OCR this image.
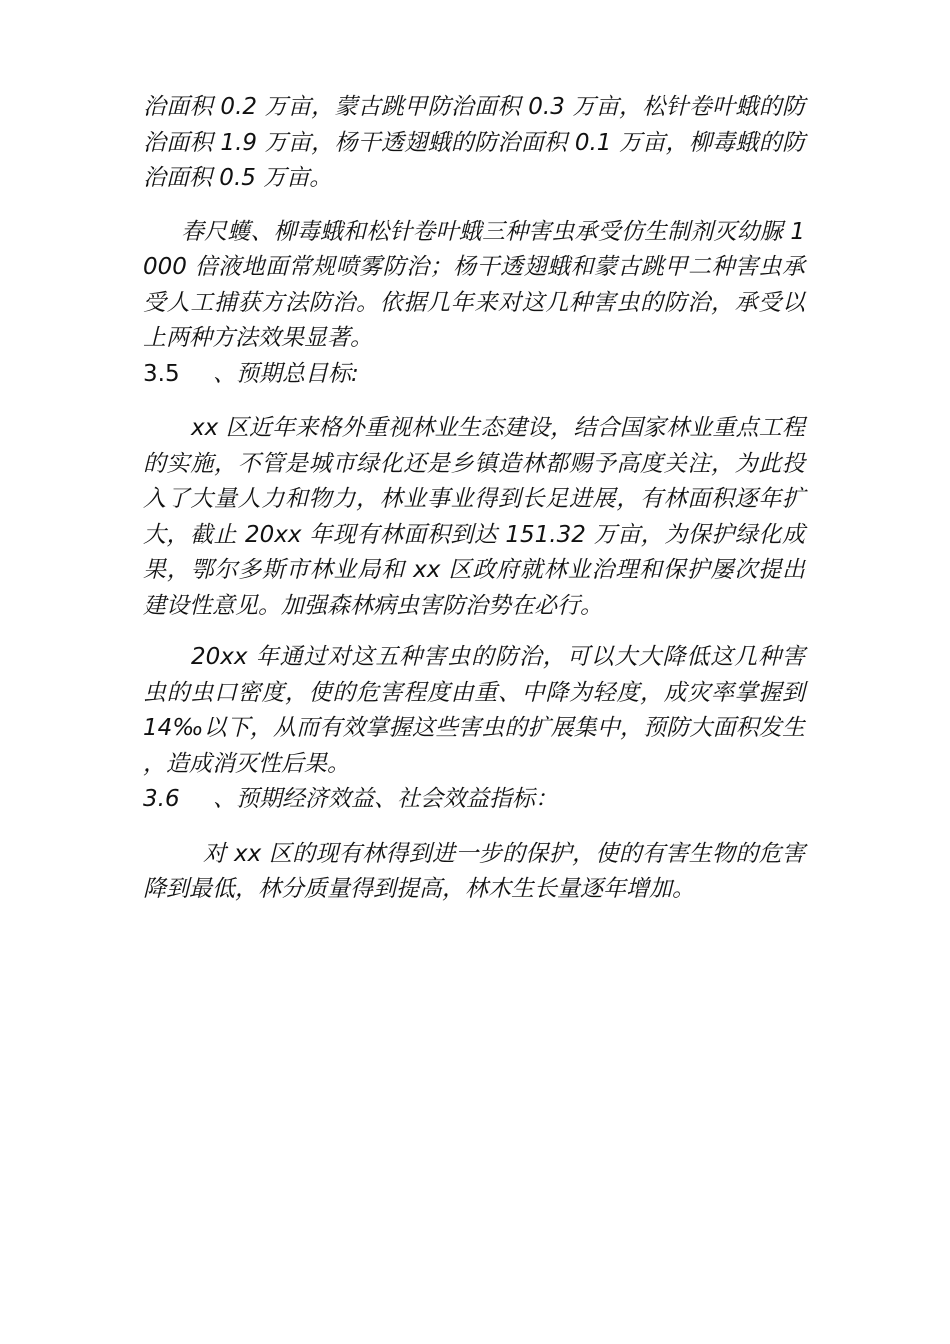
治面积 0.2 万亩，蒙古跳甲防治面积 0.3 万亩，松针卷叶蛾的防治面积 1.9 万亩，杨干透翅蛾的防治面积 0.1 万亩，柳毒蛾的防治面积 0.5 万亩。

春尺蠖、柳毒蛾和松针卷叶蛾三种害虫承受仿生制剂灭幼脲 1000 倍液地面常规喷雾防治；杨干透翅蛾和蒙古跳甲二种害虫承受人工捕获方法防治。依据几年来对这几种害虫的防治，承受以上两种方法效果显著。

3.5 、预期总目标:

xx 区近年来格外重视林业生态建设，结合国家林业重点工程的实施，不管是城市绿化还是乡镇造林都赐予高度关注，为此投入了大量人力和物力，林业事业得到长足进展，有林面积逐年扩大，截止 20xx 年现有林面积到达 151.32 万亩，为保护绿化成果，鄂尔多斯市林业局和 xx 区政府就林业治理和保护屡次提出建设性意见。加强森林病虫害防治势在必行。

20xx 年通过对这五种害虫的防治，可以大大降低这几种害虫的虫口密度，使的危害程度由重、中降为轻度，成灾率掌握到 14‰以下，从而有效掌握这些害虫的扩展集中，预防大面积发生，造成消灭性后果。

3.6 、预期经济效益、社会效益指标：

对 xx 区的现有林得到进一步的保护，使的有害生物的危害降到最低，林分质量得到提高，林木生长量逐年增加。
